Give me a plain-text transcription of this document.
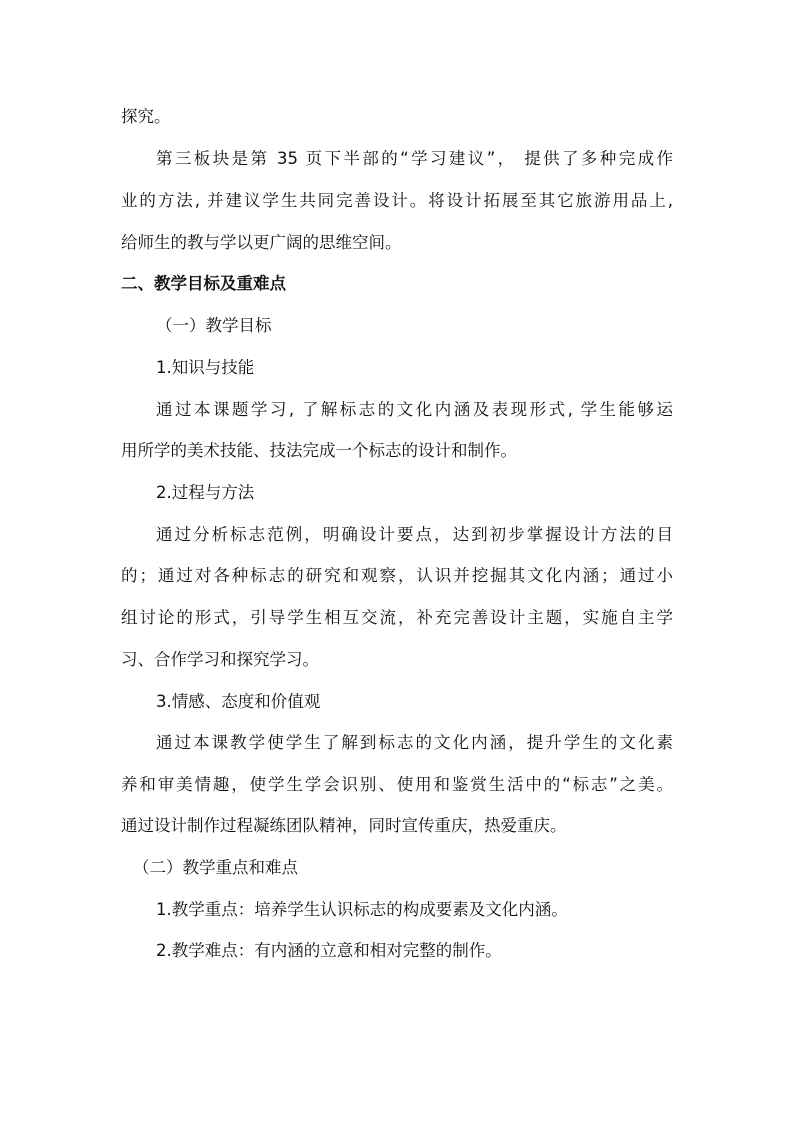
探究。
第三板块是第 35 页下半部的“学习建议”， 提供了多种完成作
业的方法, 并建议学生共同完善设计。将设计拓展至其它旅游用品上,
给师生的教与学以更广阔的思维空间。
二、教学目标及重难点
（一）教学目标
1.知识与技能
通过本课题学习, 了解标志的文化内涵及表现形式, 学生能够运
用所学的美术技能、技法完成一个标志的设计和制作。
2.过程与方法
通过分析标志范例，明确设计要点，达到初步掌握设计方法的目
的；通过对各种标志的研究和观察，认识并挖掘其文化内涵；通过小
组讨论的形式，引导学生相互交流，补充完善设计主题，实施自主学
习、合作学习和探究学习。
3.情感、态度和价值观
通过本课教学使学生了解到标志的文化内涵，提升学生的文化素
养和审美情趣，使学生学会识别、使用和鉴赏生活中的“标志”之美。
通过设计制作过程凝练团队精神，同时宣传重庆，热爱重庆。
（二）教学重点和难点
1.教学重点：培养学生认识标志的构成要素及文化内涵。
2.教学难点：有内涵的立意和相对完整的制作。
